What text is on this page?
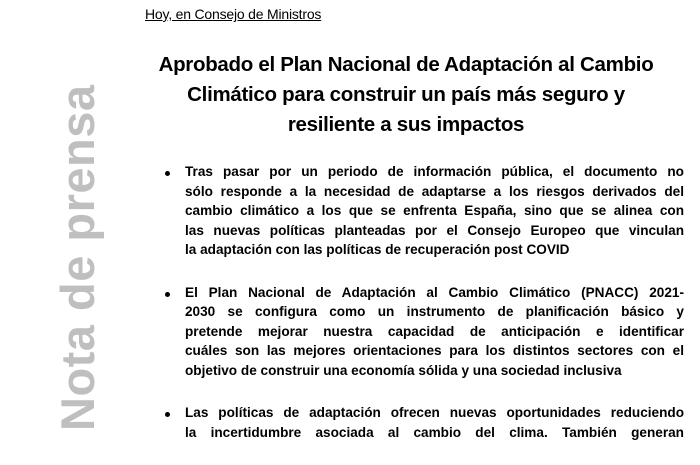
Nota de prensa
Hoy, en Consejo de Ministros
Aprobado el Plan Nacional de Adaptación al Cambio
Climático para construir un país más seguro y
resiliente a sus impactos
Tras pasar por un periodo de información pública, el documento no
sólo responde a la necesidad de adaptarse a los riesgos derivados del
cambio climático a los que se enfrenta España, sino que se alinea con
las nuevas políticas planteadas por el Consejo Europeo que vinculan
la adaptación con las políticas de recuperación post COVID
El Plan Nacional de Adaptación al Cambio Climático (PNACC) 2021-
2030 se configura como un instrumento de planificación básico y
pretende mejorar nuestra capacidad de anticipación e identificar
cuáles son las mejores orientaciones para los distintos sectores con el
objetivo de construir una economía sólida y una sociedad inclusiva
Las políticas de adaptación ofrecen nuevas oportunidades reduciendo
la incertidumbre asociada al cambio del clima. También generan
